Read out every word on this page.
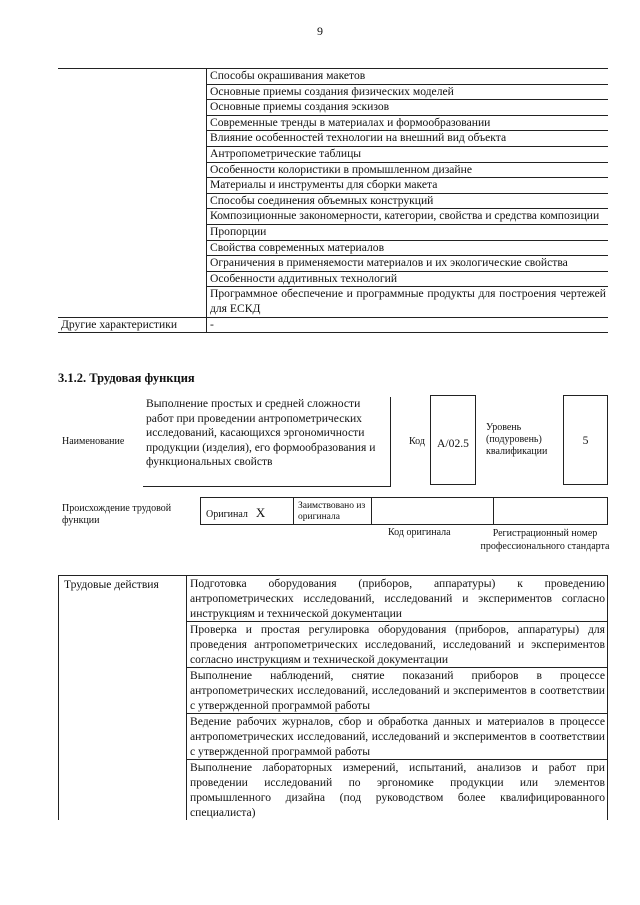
9
	Способы окрашивания макетов
	Основные приемы создания физических моделей
	Основные приемы создания эскизов
	Современные тренды в материалах и формообразовании
	Влияние особенностей технологии на внешний вид объекта
	Антропометрические таблицы
	Особенности колористики в промышленном дизайне
	Материалы и инструменты для сборки макета
	Способы соединения объемных конструкций
	Композиционные закономерности, категории, свойства и средства композиции
	Пропорции
	Свойства современных материалов
	Ограничения в применяемости материалов и их экологические свойства
	Особенности аддитивных технологий
	Программное обеспечение и программные продукты для построения чертежей для ЕСКД
Другие характеристики	-
3.1.2. Трудовая функция
Наименование
Выполнение простых и средней сложности работ при проведении антропометрических исследований, касающихся эргономичности продукции (изделия), его формообразования и функциональных свойств
Код	A/02.5
Уровень (подуровень) квалификации
5
Происхождение трудовой функции	Оригинал X	Заимствовано из оригинала
Код оригинала	Регистрационный номер профессионального стандарта
Трудовые действия	Подготовка оборудования (приборов, аппаратуры) к проведению антропометрических исследований, исследований и экспериментов согласно инструкциям и технической документации
Проверка и простая регулировка оборудования (приборов, аппаратуры) для проведения антропометрических исследований, исследований и экспериментов согласно инструкциям и технической документации
Выполнение наблюдений, снятие показаний приборов в процессе антропометрических исследований, исследований и экспериментов в соответствии с утвержденной программой работы
Ведение рабочих журналов, сбор и обработка данных и материалов в процессе антропометрических исследований, исследований и экспериментов в соответствии с утвержденной программой работы
Выполнение лабораторных измерений, испытаний, анализов и работ при проведении исследований по эргономике продукции или элементов промышленного дизайна (под руководством более квалифицированного специалиста)
